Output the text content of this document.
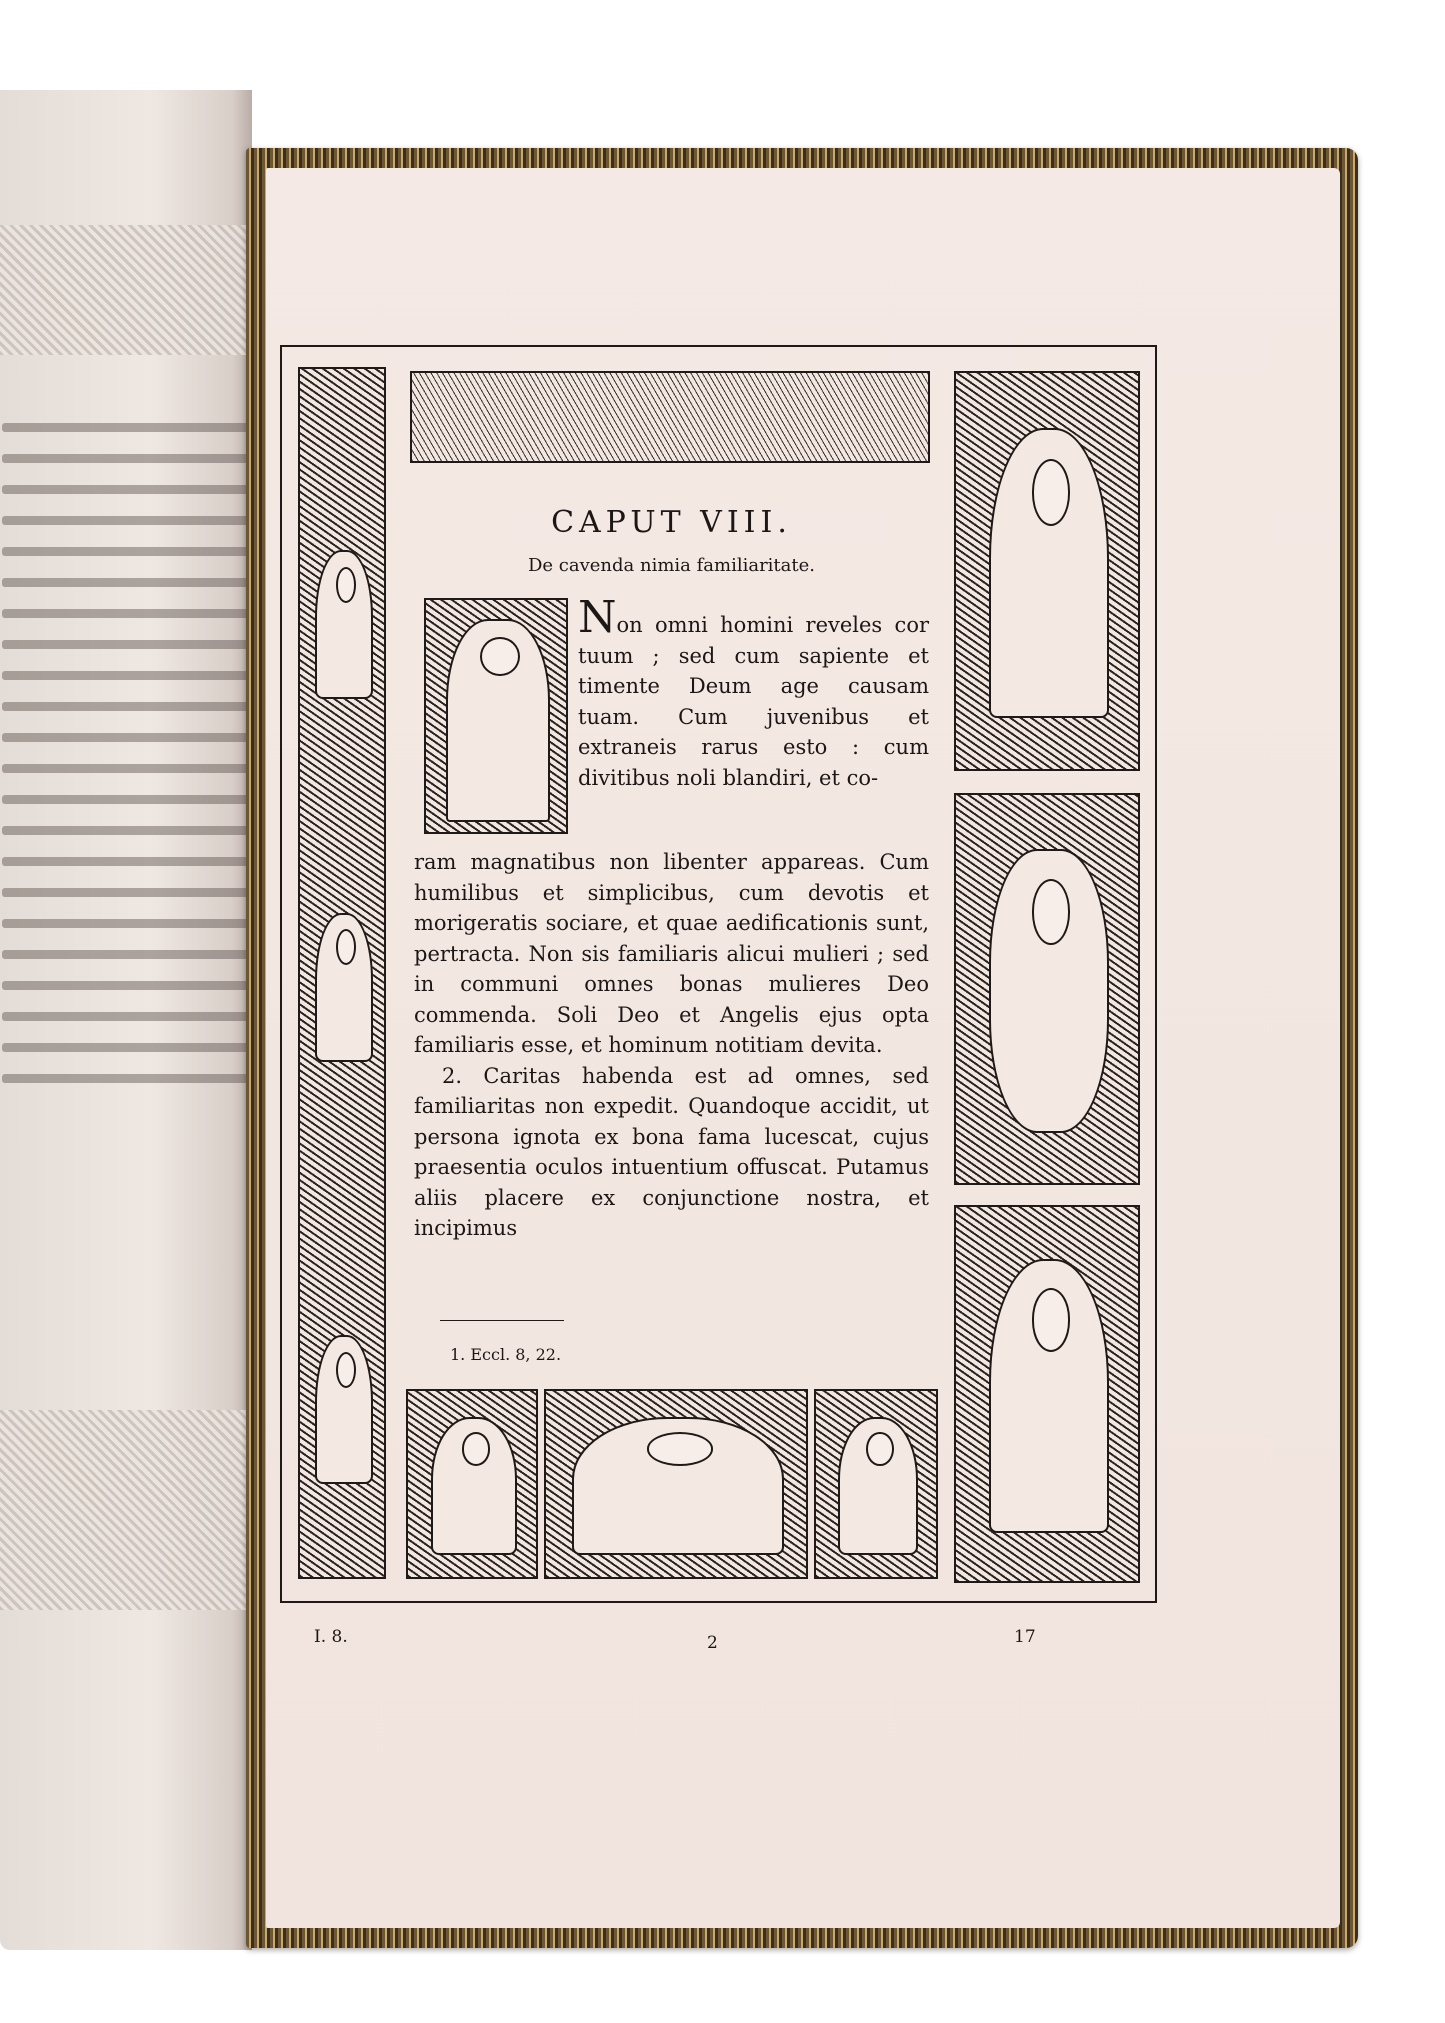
CAPUT VIII.
De cavenda nimia familiaritate.
Non omni homini reveles cor tuum ; sed cum sapiente et timente Deum age causam tuam. Cum juvenibus et extraneis rarus esto : cum divitibus noli blandiri, et co-
ram magnatibus non libenter appareas. Cum humilibus et simplicibus, cum devotis et morigeratis sociare, et quae aedificationis sunt, pertracta. Non sis familiaris alicui mulieri ; sed in communi omnes bonas mulieres Deo commenda. Soli Deo et Angelis ejus opta familiaris esse, et hominum notitiam devita.
2. Caritas habenda est ad omnes, sed familiaritas non expedit. Quandoque accidit, ut persona ignota ex bona fama lucescat, cujus praesentia oculos intuentium offuscat. Putamus aliis placere ex conjunctione nostra, et incipimus
1. Eccl. 8, 22.
I. 8.	2	17
